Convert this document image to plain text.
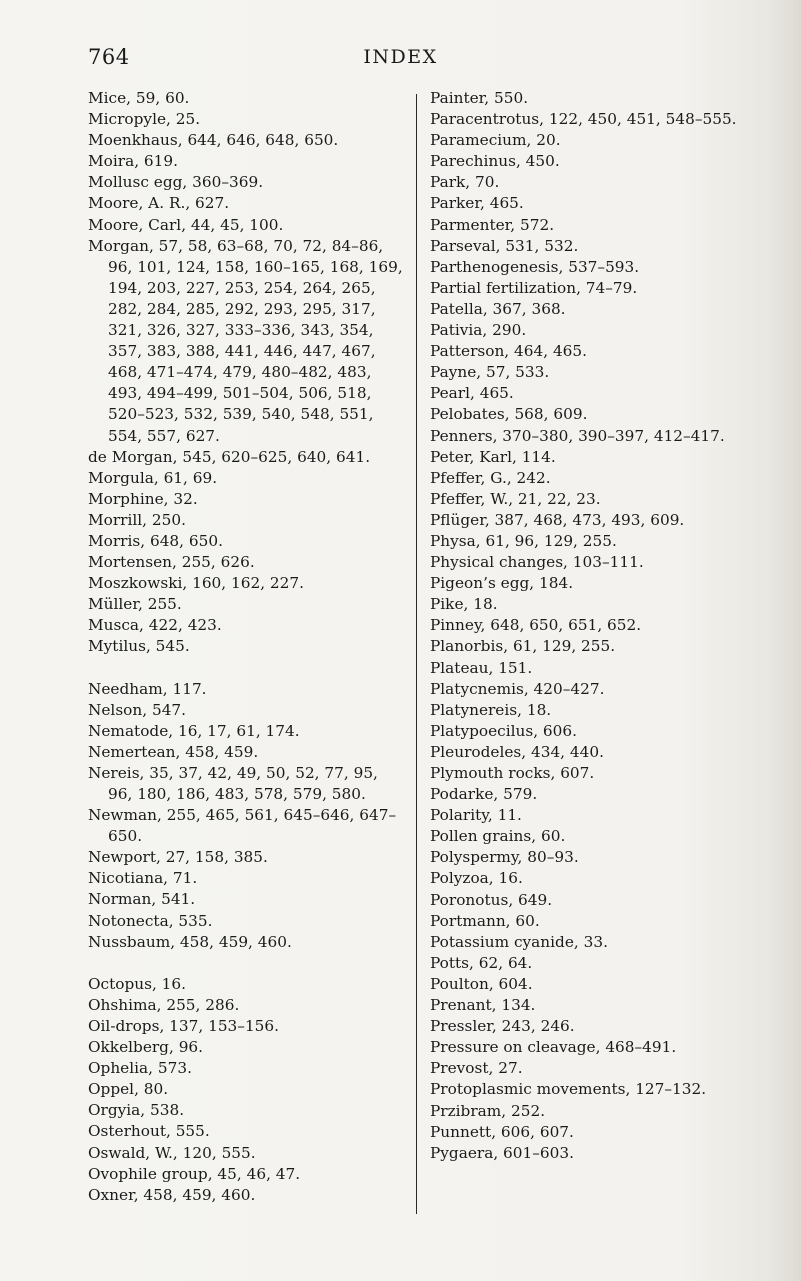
764	INDEX
Mice, 59, 60.
Micropyle, 25.
Moenkhaus, 644, 646, 648, 650.
Moira, 619.
Mollusc egg, 360–369.
Moore, A. R., 627.
Moore, Carl, 44, 45, 100.
Morgan, 57, 58, 63–68, 70, 72, 84–86, 96, 101, 124, 158, 160–165, 168, 169, 194, 203, 227, 253, 254, 264, 265, 282, 284, 285, 292, 293, 295, 317, 321, 326, 327, 333–336, 343, 354, 357, 383, 388, 441, 446, 447, 467, 468, 471–474, 479, 480–482, 483, 493, 494–499, 501–504, 506, 518, 520–523, 532, 539, 540, 548, 551, 554, 557, 627.
de Morgan, 545, 620–625, 640, 641.
Morgula, 61, 69.
Morphine, 32.
Morrill, 250.
Morris, 648, 650.
Mortensen, 255, 626.
Moszkowski, 160, 162, 227.
Müller, 255.
Musca, 422, 423.
Mytilus, 545.
Needham, 117.
Nelson, 547.
Nematode, 16, 17, 61, 174.
Nemertean, 458, 459.
Nereis, 35, 37, 42, 49, 50, 52, 77, 95, 96, 180, 186, 483, 578, 579, 580.
Newman, 255, 465, 561, 645–646, 647–650.
Newport, 27, 158, 385.
Nicotiana, 71.
Norman, 541.
Notonecta, 535.
Nussbaum, 458, 459, 460.
Octopus, 16.
Ohshima, 255, 286.
Oil-drops, 137, 153–156.
Okkelberg, 96.
Ophelia, 573.
Oppel, 80.
Orgyia, 538.
Osterhout, 555.
Oswald, W., 120, 555.
Ovophile group, 45, 46, 47.
Oxner, 458, 459, 460.
Painter, 550.
Paracentrotus, 122, 450, 451, 548–555.
Paramecium, 20.
Parechinus, 450.
Park, 70.
Parker, 465.
Parmenter, 572.
Parseval, 531, 532.
Parthenogenesis, 537–593.
Partial fertilization, 74–79.
Patella, 367, 368.
Pativia, 290.
Patterson, 464, 465.
Payne, 57, 533.
Pearl, 465.
Pelobates, 568, 609.
Penners, 370–380, 390–397, 412–417.
Peter, Karl, 114.
Pfeffer, G., 242.
Pfeffer, W., 21, 22, 23.
Pflüger, 387, 468, 473, 493, 609.
Physa, 61, 96, 129, 255.
Physical changes, 103–111.
Pigeon’s egg, 184.
Pike, 18.
Pinney, 648, 650, 651, 652.
Planorbis, 61, 129, 255.
Plateau, 151.
Platycnemis, 420–427.
Platynereis, 18.
Platypoecilus, 606.
Pleurodeles, 434, 440.
Plymouth rocks, 607.
Podarke, 579.
Polarity, 11.
Pollen grains, 60.
Polyspermy, 80–93.
Polyzoa, 16.
Poronotus, 649.
Portmann, 60.
Potassium cyanide, 33.
Potts, 62, 64.
Poulton, 604.
Prenant, 134.
Pressler, 243, 246.
Pressure on cleavage, 468–491.
Prevost, 27.
Protoplasmic movements, 127–132.
Przibram, 252.
Punnett, 606, 607.
Pygaera, 601–603.
